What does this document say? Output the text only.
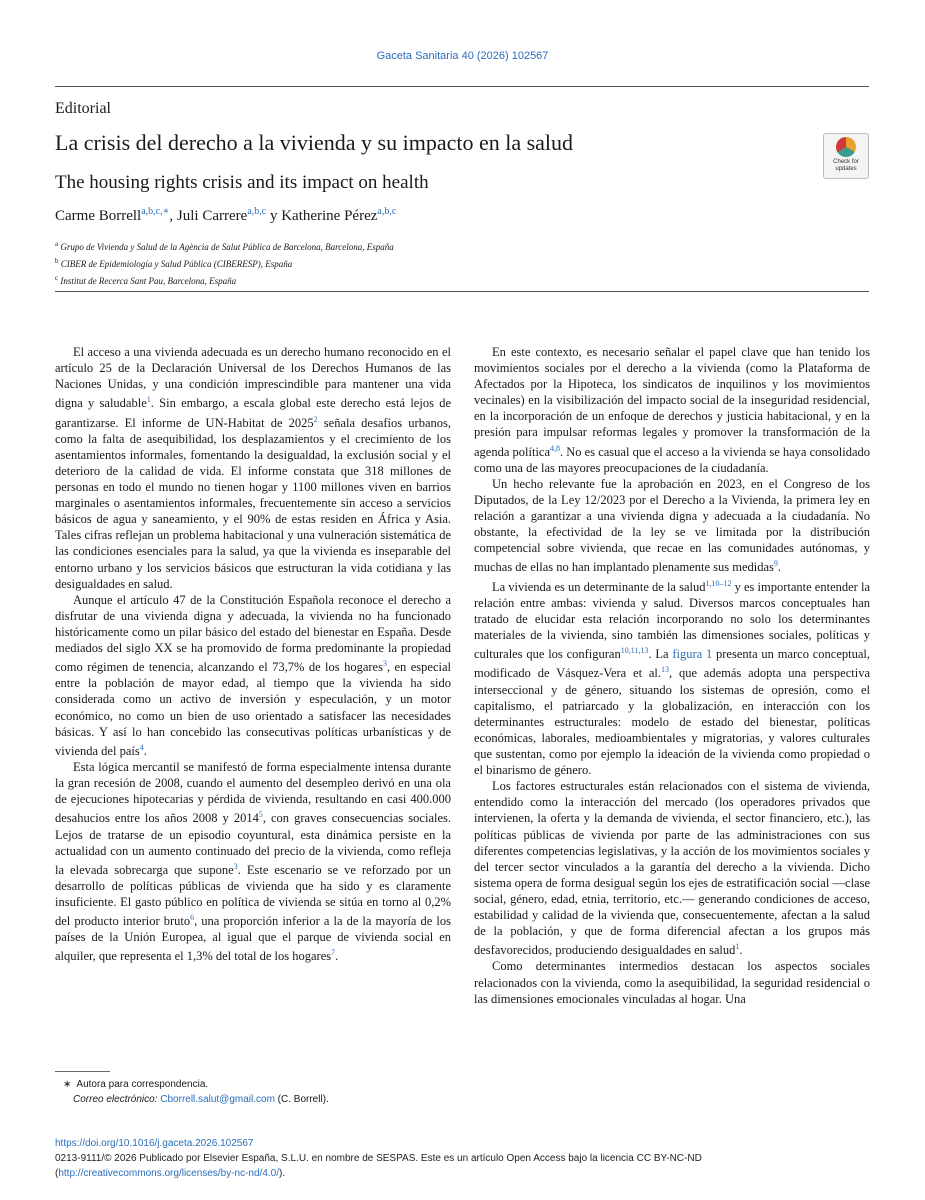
Gaceta Sanitaria 40 (2026) 102567
Editorial
La crisis del derecho a la vivienda y su impacto en la salud
The housing rights crisis and its impact on health
Check for
updates
Carme Borrell$^{a,b,c,∗}$, Juli Carrere$^{a,b,c}$ y Katherine Pérez$^{a,b,c}$
$^a$ Grupo de Vivienda y Salud de la Agència de Salut Pública de Barcelona, Barcelona, España
$^b$ CIBER de Epidemiología y Salud Pública (CIBERESP), España
$^c$ Institut de Recerca Sant Pau, Barcelona, España

El acceso a una vivienda adecuada es un derecho humano reconocido en el artículo 25 de la Declaración Universal de los Derechos Humanos de las Naciones Unidas, y una condición imprescindible para mantener una vida digna y saludable$^1$. Sin embargo, a escala global este derecho está lejos de garantizarse. El informe de UN-Habitat de 2025$^2$ señala desafíos urbanos, como la falta de asequibilidad, los desplazamientos y el crecimiento de los asentamientos informales, fomentando la desigualdad, la exclusión social y el deterioro de la calidad de vida. El informe constata que 318 millones de personas en todo el mundo no tienen hogar y 1100 millones viven en barrios marginales o asentamientos informales, frecuentemente sin acceso a servicios básicos de agua y saneamiento, y el 90% de estas residen en África y Asia. Tales cifras reflejan un problema habitacional y una vulneración sistemática de las condiciones esenciales para la salud, ya que la vivienda es inseparable del entorno urbano y los servicios básicos que estructuran la vida cotidiana y las desigualdades en salud.

Aunque el artículo 47 de la Constitución Española reconoce el derecho a disfrutar de una vivienda digna y adecuada, la vivienda no ha funcionado históricamente como un pilar básico del estado del bienestar en España. Desde mediados del siglo XX se ha promovido de forma predominante la propiedad como régimen de tenencia, alcanzando el 73,7% de los hogares$^3$, en especial entre la población de mayor edad, al tiempo que la vivienda ha sido considerada como un activo de inversión y especulación, y un motor económico, no como un bien de uso orientado a satisfacer las necesidades básicas. Y así lo han concebido las consecutivas políticas urbanísticas y de vivienda del país$^4$.

Esta lógica mercantil se manifestó de forma especialmente intensa durante la gran recesión de 2008, cuando el aumento del desempleo derivó en una ola de ejecuciones hipotecarias y pérdida de vivienda, resultando en casi 400.000 desahucios entre los años 2008 y 2014$^5$, con graves consecuencias sociales. Lejos de tratarse de un episodio coyuntural, esta dinámica persiste en la actualidad con un aumento continuado del precio de la vivienda, como refleja la elevada sobrecarga que supone$^3$. Este escenario se ve reforzado por un desarrollo de políticas públicas de vivienda que ha sido y es claramente insuficiente. El gasto público en política de vivienda se sitúa en torno al 0,2% del producto interior bruto$^6$, una proporción inferior a la de la mayoría de los países de la Unión Europea, al igual que el parque de vivienda social en alquiler, que representa el 1,3% del total de los hogares$^7$.

En este contexto, es necesario señalar el papel clave que han tenido los movimientos sociales por el derecho a la vivienda (como la Plataforma de Afectados por la Hipoteca, los sindicatos de inquilinos y los movimientos vecinales) en la visibilización del impacto social de la inseguridad residencial, en la incorporación de un enfoque de derechos y justicia habitacional, y en la presión para impulsar reformas legales y promover la transformación de la agenda política$^{4,8}$. No es casual que el acceso a la vivienda se haya consolidado como una de las mayores preocupaciones de la ciudadanía.

Un hecho relevante fue la aprobación en 2023, en el Congreso de los Diputados, de la Ley 12/2023 por el Derecho a la Vivienda, la primera ley en relación a garantizar a una vivienda digna y adecuada a la ciudadanía. No obstante, la efectividad de la ley se ve limitada por la distribución competencial sobre vivienda, que recae en las comunidades autónomas, y muchas de ellas no han implantado plenamente sus medidas$^9$.

La vivienda es un determinante de la salud$^{1,10-12}$ y es importante entender la relación entre ambas: vivienda y salud. Diversos marcos conceptuales han tratado de elucidar esta relación incorporando no solo los determinantes materiales de la vivienda, sino también las dimensiones sociales, políticas y culturales que los configuran$^{10,11,13}$. La figura 1 presenta un marco conceptual, modificado de Vásquez-Vera et al.$^{13}$, que además adopta una perspectiva interseccional y de género, situando los sistemas de opresión, como el capitalismo, el patriarcado y la globalización, en interacción con los determinantes estructurales: modelo de estado del bienestar, políticas económicas, laborales, medioambientales y migratorias, y valores culturales que sustentan, como por ejemplo la ideación de la vivienda como propiedad o el binarismo de género.

Los factores estructurales están relacionados con el sistema de vivienda, entendido como la interacción del mercado (los operadores privados que intervienen, la oferta y la demanda de vivienda, el sector financiero, etc.), las políticas públicas de vivienda por parte de las administraciones con sus diferentes competencias legislativas, y la acción de los movimientos sociales y del tercer sector vinculados a la garantía del derecho a la vivienda. Dicho sistema opera de forma desigual según los ejes de estratificación social —clase social, género, edad, etnia, territorio, etc.— generando condiciones de acceso, estabilidad y calidad de la vivienda que, consecuentemente, afectan a la salud de la población, y que de forma diferencial afectan a los grupos más desfavorecidos, produciendo desigualdades en salud$^1$.

Como determinantes intermedios destacan los aspectos sociales relacionados con la vivienda, como la asequibilidad, la seguridad residencial o las dimensiones emocionales vinculadas al hogar. Una

∗ Autora para correspondencia.
Correo electrónico: Cborrell.salut@gmail.com (C. Borrell).
https://doi.org/10.1016/j.gaceta.2026.102567
0213-9111/© 2026 Publicado por Elsevier España, S.L.U. en nombre de SESPAS. Este es un artículo Open Access bajo la licencia CC BY-NC-ND (http://creativecommons.org/licenses/by-nc-nd/4.0/).
